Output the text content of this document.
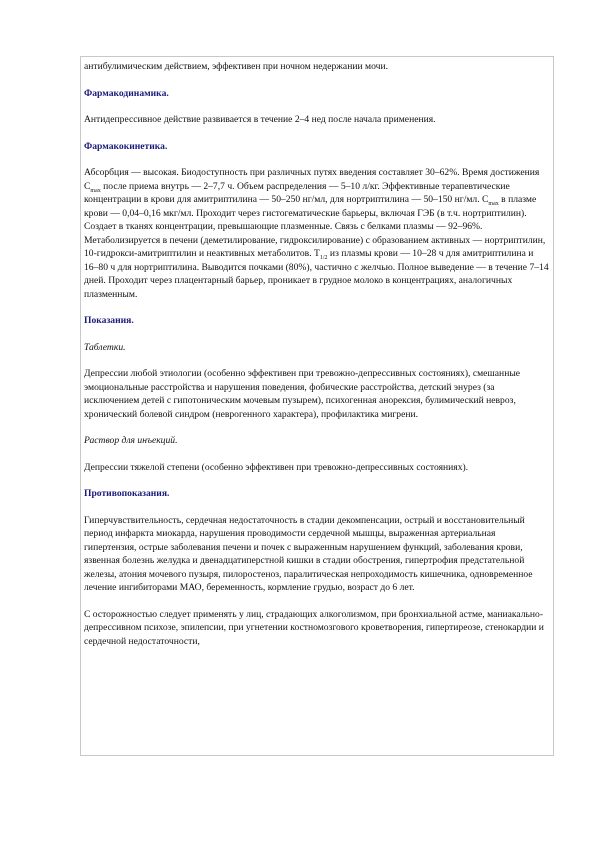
антибулимическим действием, эффективен при ночном недержании мочи.

Фармакодинамика.

Антидепрессивное действие развивается в течение 2–4 нед после начала применения.

Фармакокинетика.

Абсорбция — высокая. Биодоступность при различных путях введения составляет 30–62%. Время достижения $C_{max}$ после приема внутрь — 2–7,7 ч. Объем распределения — 5–10 л/кг. Эффективные терапевтические концентрации в крови для амитриптилина — 50–250 нг/мл, для нортриптилина — 50–150 нг/мл. $C_{max}$ в плазме крови — 0,04–0,16 мкг/мл. Проходит через гистогематические барьеры, включая ГЭБ (в т.ч. нортриптилин). Создает в тканях концентрации, превышающие плазменные. Связь с белками плазмы — 92–96%. Метаболизируется в печени (деметилирование, гидроксилирование) с образованием активных — нортриптилин, 10-гидрокси-амитриптилин и неактивных метаболитов. $T_{1/2}$ из плазмы крови — 10–28 ч для амитриптилина и 16–80 ч для нортриптилина. Выводится почками (80%), частично с желчью. Полное выведение — в течение 7–14 дней. Проходит через плацентарный барьер, проникает в грудное молоко в концентрациях, аналогичных плазменным.

Показания.

Таблетки.

Депрессии любой этиологии (особенно эффективен при тревожно-депрессивных состояниях), смешанные эмоциональные расстройства и нарушения поведения, фобические расстройства, детский энурез (за исключением детей с гипотоническим мочевым пузырем), психогенная анорексия, булимический невроз, хронический болевой синдром (неврогенного характера), профилактика мигрени.

Раствор для инъекций.

Депрессии тяжелой степени (особенно эффективен при тревожно-депрессивных состояниях).

Противопоказания.

Гиперчувствительность, сердечная недостаточность в стадии декомпенсации, острый и восстановительный период инфаркта миокарда, нарушения проводимости сердечной мышцы, выраженная артериальная гипертензия, острые заболевания печени и почек с выраженным нарушением функций, заболевания крови, язвенная болезнь желудка и двенадцатиперстной кишки в стадии обострения, гипертрофия предстательной железы, атония мочевого пузыря, пилоростеноз, паралитическая непроходимость кишечника, одновременное лечение ингибиторами МАО, беременность, кормление грудью, возраст до 6 лет.

С осторожностью следует применять у лиц, страдающих алкоголизмом, при бронхиальной астме, маниакально-депрессивном психозе, эпилепсии, при угнетении костномозгового кроветворения, гипертиреозе, стенокардии и сердечной недостаточности,
